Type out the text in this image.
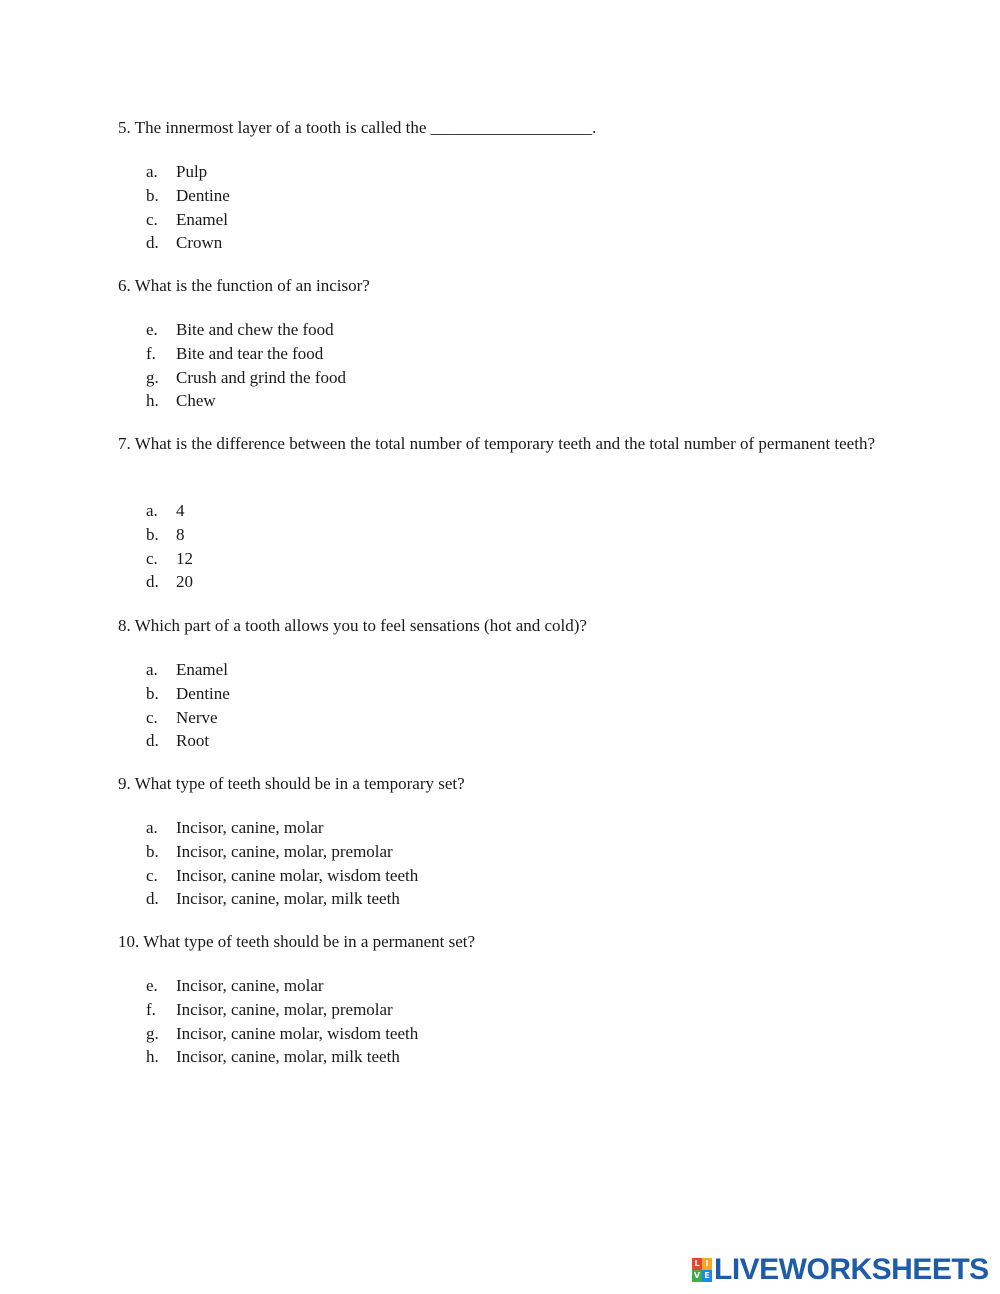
5. The innermost layer of a tooth is called the ___________________.

a. Pulp
b. Dentine
c. Enamel
d. Crown

6. What is the function of an incisor?

e. Bite and chew the food
f. Bite and tear the food
g. Crush and grind the food
h. Chew

7. What is the difference between the total number of temporary teeth and the total number of permanent teeth?

a. 4
b. 8
c. 12
d. 20

8. Which part of a tooth allows you to feel sensations (hot and cold)?

a. Enamel
b. Dentine
c. Nerve
d. Root

9. What type of teeth should be in a temporary set?

a. Incisor, canine, molar
b. Incisor, canine, molar, premolar
c. Incisor, canine molar, wisdom teeth
d. Incisor, canine, molar, milk teeth

10. What type of teeth should be in a permanent set?

e. Incisor, canine, molar
f. Incisor, canine, molar, premolar
g. Incisor, canine molar, wisdom teeth
h. Incisor, canine, molar, milk teeth
L I
V E LIVEWORKSHEETS
